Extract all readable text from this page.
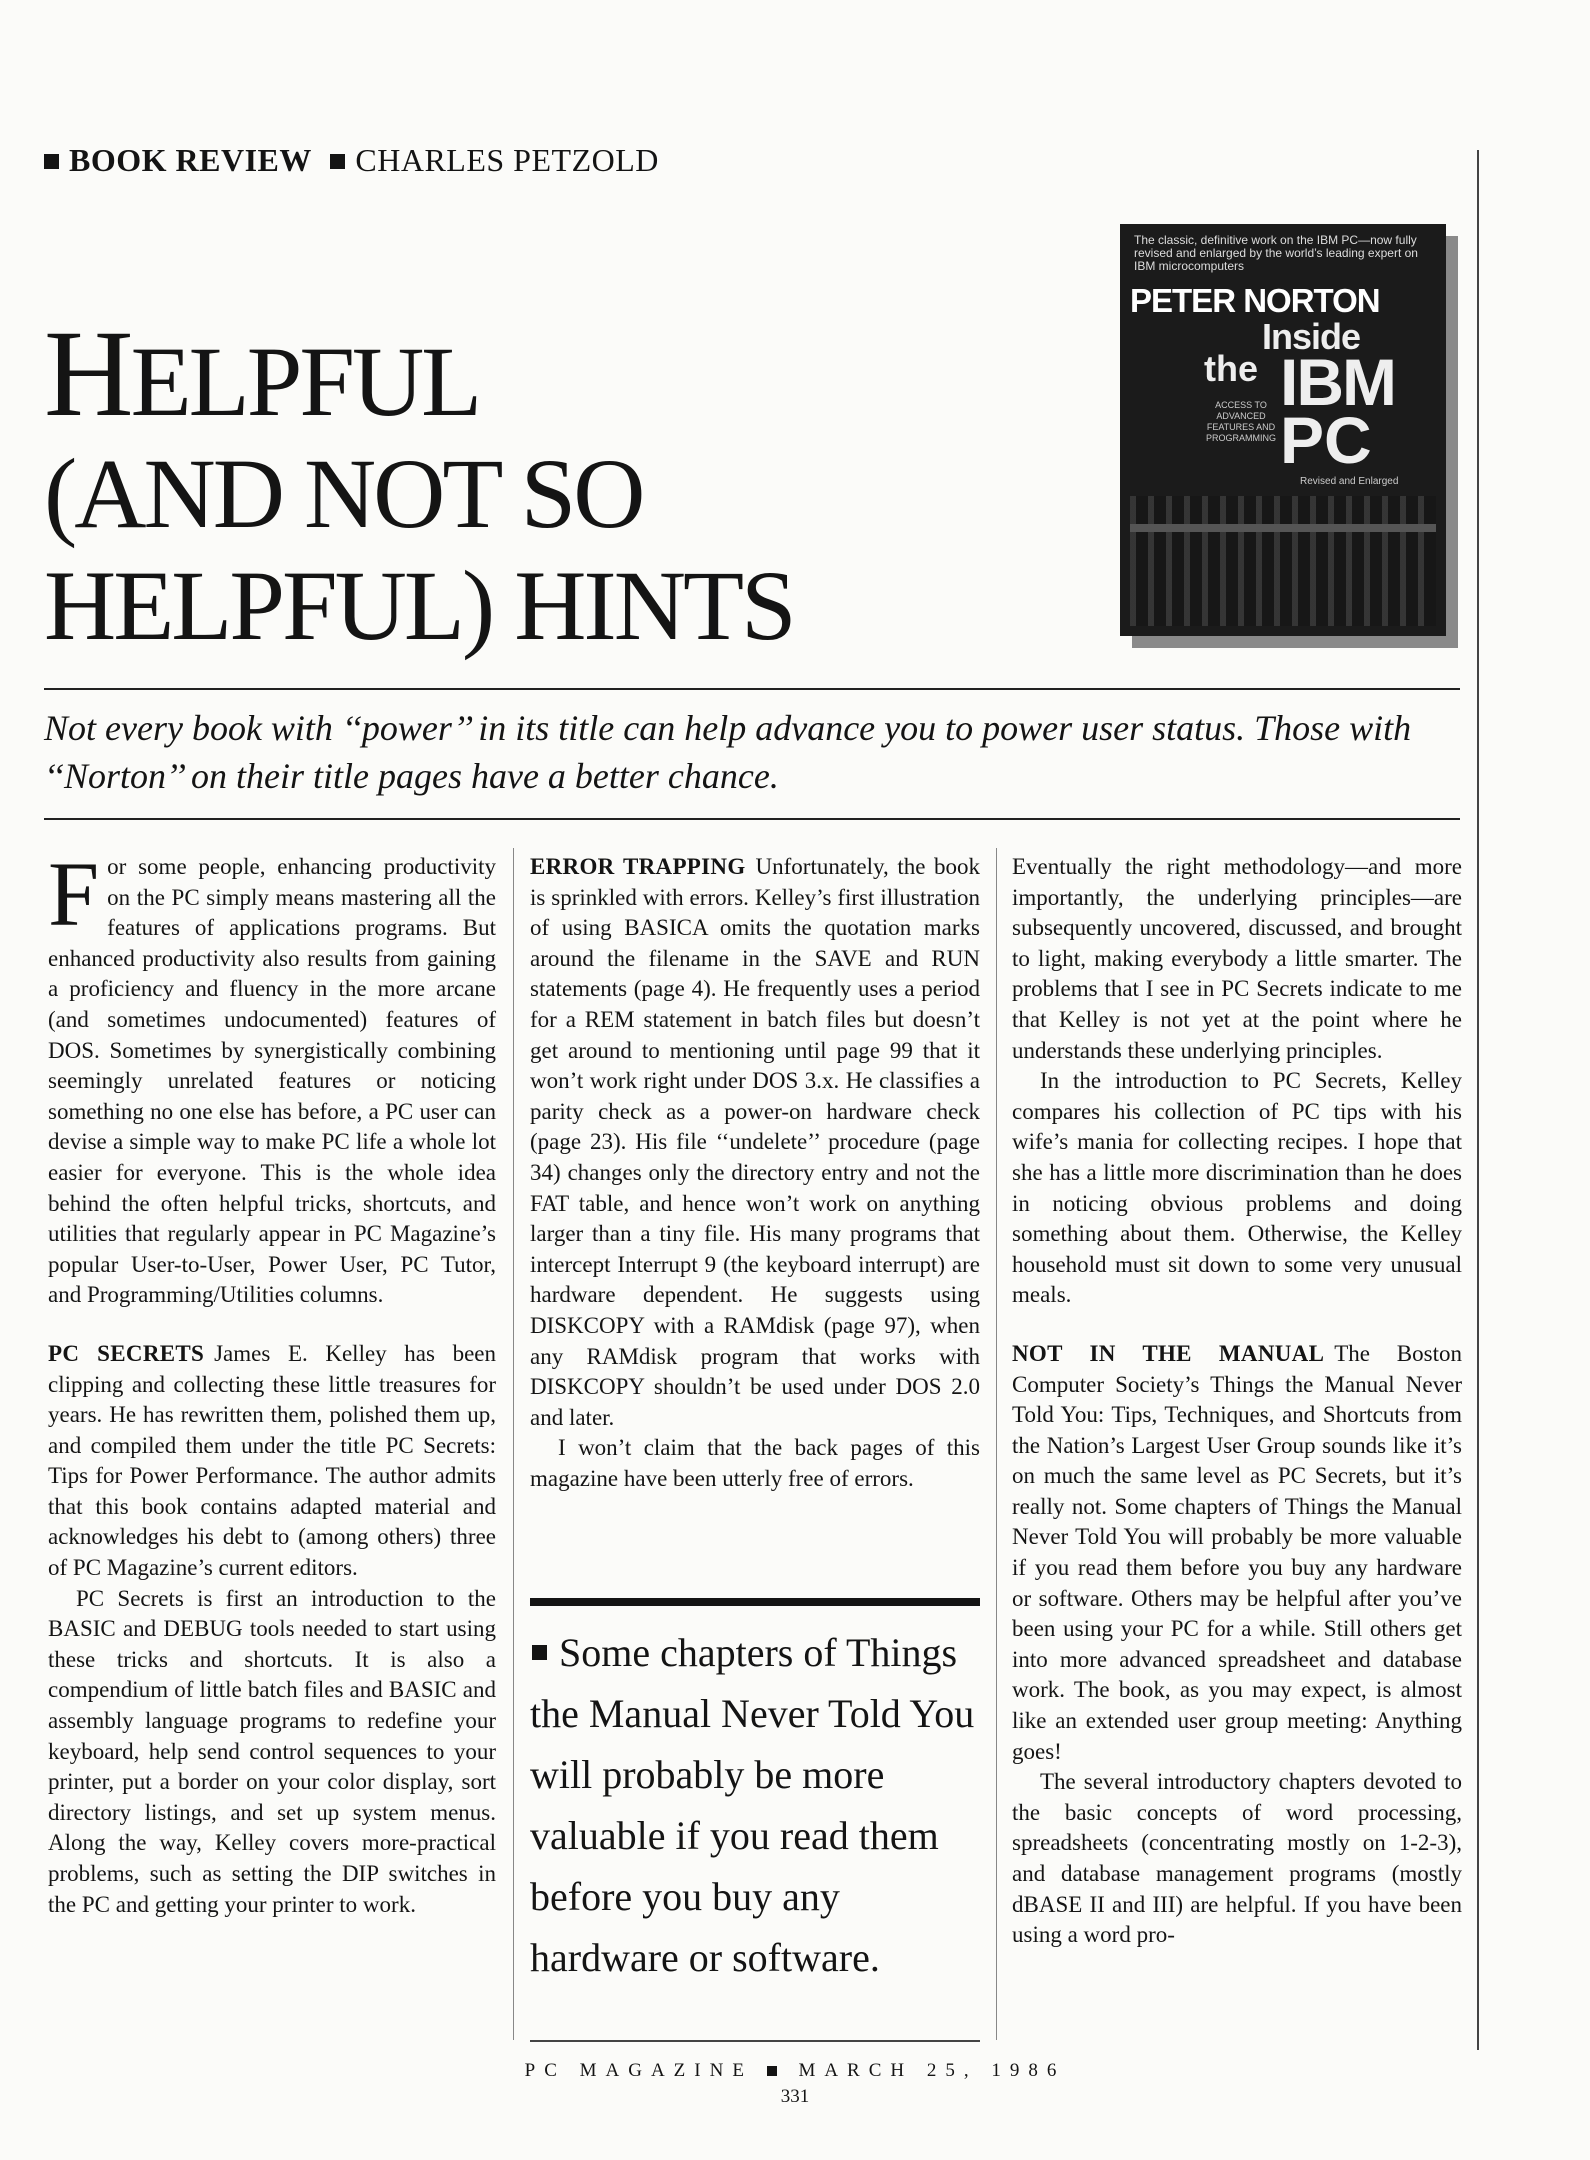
BOOK REVIEW CHARLES PETZOLD
HELPFUL
(AND NOT SO
HELPFUL) HINTS
The classic, definitive work on the IBM PC—now fully revised and enlarged by the world’s leading expert on IBM microcomputers
PETER NORTON
Inside
the IBM
PC
ACCESS TO ADVANCED FEATURES AND PROGRAMMING
Revised and Enlarged
Not every book with ‘‘power’’ in its title can help advance you to power user status. Those with ‘‘Norton’’ on their title pages have a better chance.

For some people, enhancing productivity on the PC simply means mastering all the features of applications programs. But enhanced productivity also results from gaining a proficiency and fluency in the more arcane (and sometimes undocumented) features of DOS. Sometimes by synergistically combining seemingly unrelated features or noticing something no one else has before, a PC user can devise a simple way to make PC life a whole lot easier for everyone. This is the whole idea behind the often helpful tricks, shortcuts, and utilities that regularly appear in PC Magazine’s popular User-to-User, Power User, PC Tutor, and Programming/Utilities columns.

PC SECRETS James E. Kelley has been clipping and collecting these little treasures for years. He has rewritten them, polished them up, and compiled them under the title PC Secrets: Tips for Power Performance. The author admits that this book contains adapted material and acknowledges his debt to (among others) three of PC Magazine’s current editors.

PC Secrets is first an introduction to the BASIC and DEBUG tools needed to start using these tricks and shortcuts. It is also a compendium of little batch files and BASIC and assembly language programs to redefine your keyboard, help send control sequences to your printer, put a border on your color display, sort directory listings, and set up system menus. Along the way, Kelley covers more-practical problems, such as setting the DIP switches in the PC and getting your printer to work.

ERROR TRAPPING Unfortunately, the book is sprinkled with errors. Kelley’s first illustration of using BASICA omits the quotation marks around the filename in the SAVE and RUN statements (page 4). He frequently uses a period for a REM statement in batch files but doesn’t get around to mentioning until page 99 that it won’t work right under DOS 3.x. He classifies a parity check as a power-on hardware check (page 23). His file ‘‘undelete’’ procedure (page 34) changes only the directory entry and not the FAT table, and hence won’t work on anything larger than a tiny file. His many programs that intercept Interrupt 9 (the keyboard interrupt) are hardware dependent. He suggests using DISKCOPY with a RAMdisk (page 97), when any RAMdisk program that works with DISKCOPY shouldn’t be used under DOS 2.0 and later.

I won’t claim that the back pages of this magazine have been utterly free of errors.

Some chapters of Things the Manual Never Told You will probably be more valuable if you read them before you buy any hardware or software.

Eventually the right methodology—and more importantly, the underlying principles—are subsequently uncovered, discussed, and brought to light, making everybody a little smarter. The problems that I see in PC Secrets indicate to me that Kelley is not yet at the point where he understands these underlying principles.

In the introduction to PC Secrets, Kelley compares his collection of PC tips with his wife’s mania for collecting recipes. I hope that she has a little more discrimination than he does in noticing obvious problems and doing something about them. Otherwise, the Kelley household must sit down to some very unusual meals.

NOT IN THE MANUAL The Boston Computer Society’s Things the Manual Never Told You: Tips, Techniques, and Shortcuts from the Nation’s Largest User Group sounds like it’s on much the same level as PC Secrets, but it’s really not. Some chapters of Things the Manual Never Told You will probably be more valuable if you read them before you buy any hardware or software. Others may be helpful after you’ve been using your PC for a while. Still others get into more advanced spreadsheet and database work. The book, as you may expect, is almost like an extended user group meeting: Anything goes!

The several introductory chapters devoted to the basic concepts of word processing, spreadsheets (concentrating mostly on 1-2-3), and database management programs (mostly dBASE II and III) are helpful. If you have been using a word pro-

PC MAGAZINE MARCH 25, 1986
331
